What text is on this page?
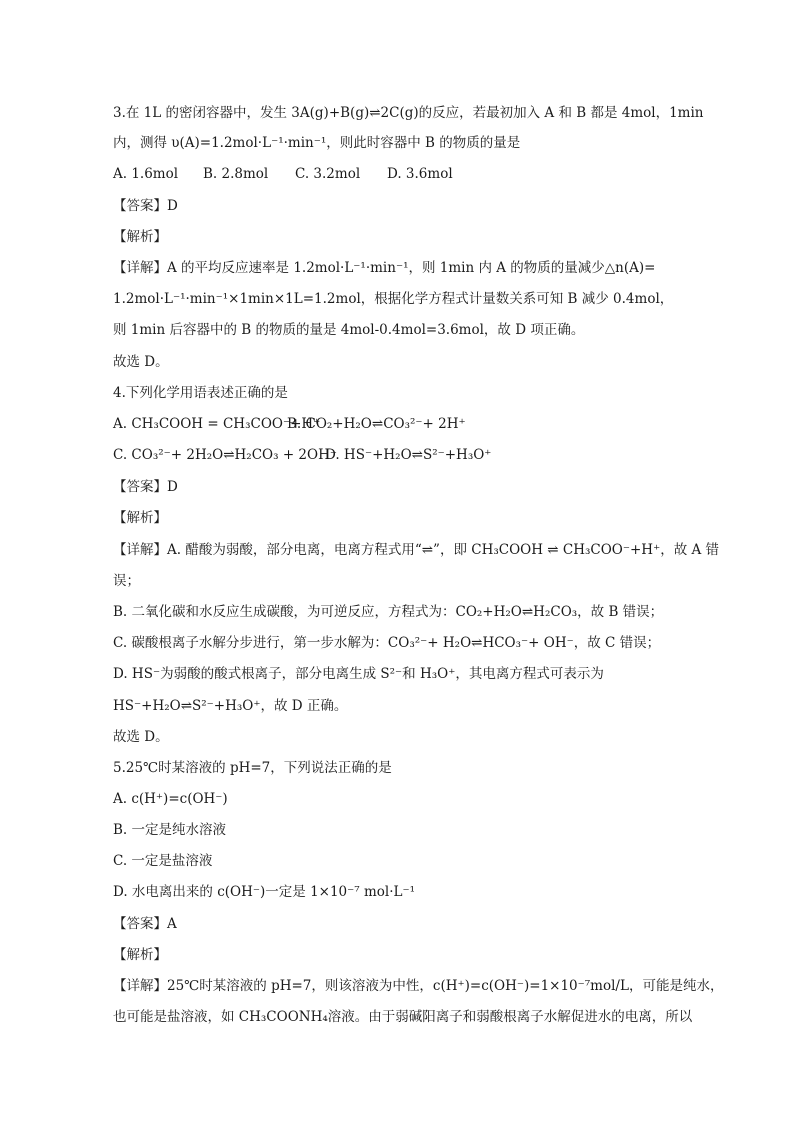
3.在 1L 的密闭容器中，发生 3A(g)+B(g)⇌2C(g)的反应，若最初加入 A 和 B 都是 4mol，1min
内，测得 υ(A)=1.2mol·L⁻¹·min⁻¹，则此时容器中 B 的物质的量是
A. 1.6mol B. 2.8mol C. 3.2mol D. 3.6mol
【答案】D
【解析】
【详解】A 的平均反应速率是 1.2mol·L⁻¹·min⁻¹，则 1min 内 A 的物质的量减少△n(A)=
1.2mol·L⁻¹·min⁻¹×1min×1L=1.2mol，根据化学方程式计量数关系可知 B 减少 0.4mol，
则 1min 后容器中的 B 的物质的量是 4mol-0.4mol=3.6mol，故 D 项正确。
故选 D。
4.下列化学用语表述正确的是
A. CH₃COOH = CH₃COO⁻+H⁺B. CO₂+H₂O⇌CO₃²⁻+ 2H⁺
C. CO₃²⁻+ 2H₂O⇌H₂CO₃ + 2OH⁻D. HS⁻+H₂O⇌S²⁻+H₃O⁺
【答案】D
【解析】
【详解】A. 醋酸为弱酸，部分电离，电离方程式用“⇌”，即 CH₃COOH ⇌ CH₃COO⁻+H⁺，故 A 错
误；
B. 二氧化碳和水反应生成碳酸，为可逆反应，方程式为：CO₂+H₂O⇌H₂CO₃，故 B 错误；
C. 碳酸根离子水解分步进行，第一步水解为：CO₃²⁻+ H₂O⇌HCO₃⁻+ OH⁻，故 C 错误；
D. HS⁻为弱酸的酸式根离子，部分电离生成 S²⁻和 H₃O⁺，其电离方程式可表示为
HS⁻+H₂O⇌S²⁻+H₃O⁺，故 D 正确。
故选 D。
5.25℃时某溶液的 pH=7，下列说法正确的是
A. c(H⁺)=c(OH⁻)
B. 一定是纯水溶液
C. 一定是盐溶液
D. 水电离出来的 c(OH⁻)一定是 1×10⁻⁷ mol·L⁻¹
【答案】A
【解析】
【详解】25℃时某溶液的 pH=7，则该溶液为中性，c(H⁺)=c(OH⁻)=1×10⁻⁷mol/L，可能是纯水，
也可能是盐溶液，如 CH₃COONH₄溶液。由于弱碱阳离子和弱酸根离子水解促进水的电离，所以
